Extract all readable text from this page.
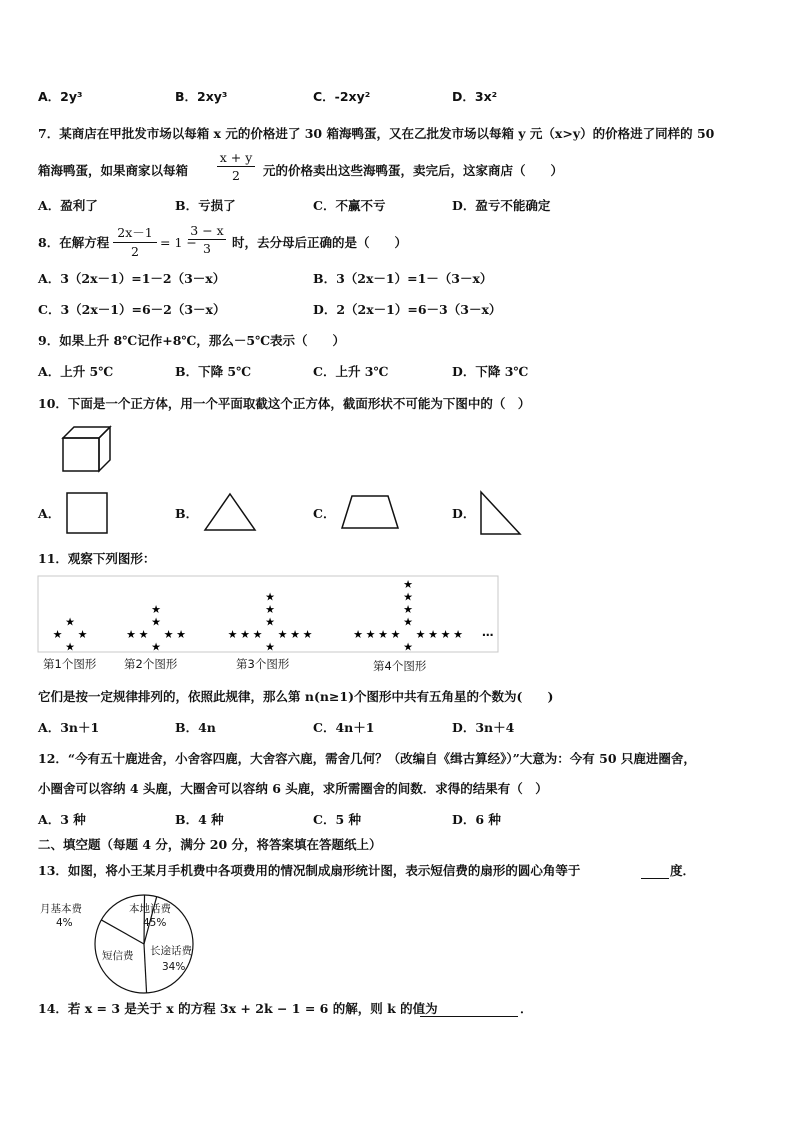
A．2y³	B．2xy³	C．-2xy²	D．3x²
7．某商店在甲批发市场以每箱 x 元的价格进了 30 箱海鸭蛋，又在乙批发市场以每箱 y 元（x>y）的价格进了同样的 50
箱海鸭蛋，如果商家以每箱
x + y
2	元的价格卖出这些海鸭蛋，卖完后，这家商店（　　）
A．盈利了	B．亏损了	C．不赢不亏	D．盈亏不能确定
8．在解方程
2x－1
2
= 1 −
3 − x
3	时，去分母后正确的是（　　）
A．3（2x－1）=1－2（3－x）	B．3（2x－1）=1－（3－x）
C．3（2x－1）=6－2（3－x）	D．2（2x－1）=6－3（3－x）
9．如果上升 8℃记作+8℃，那么－5℃表示（　　）
A．上升 5℃	B．下降 5℃	C．上升 3℃	D．下降 3℃
10．下面是一个正方体，用一个平面取截这个正方体，截面形状不可能为下图中的（　）
A．	B．	C．	D．
11．观察下列图形：
★ ★
★
★
★ ★
★
★	★
★
★
★ ★
★
★	★
★
★	★
★
★
★ ★
★
★	★
★
★	★
★
★	★
★
★
第1个图形 第2个图形	第3个图形	第4个图形
…
它们是按一定规律排列的，依照此规律，那么第 n(n≥1)个图形中共有五角星的个数为(　　)
A．3n＋1	B．4n	C．4n＋1	D．3n＋4
12．“今有五十鹿进舍，小舍容四鹿，大舍容六鹿，需舍几何？（改编自《缉古算经》）”大意为：今有 50 只鹿进圈舍，
小圈舍可以容纳 4 头鹿，大圈舍可以容纳 6 头鹿，求所需圈舍的间数．求得的结果有（　）
A．3 种	B．4 种	C．5 种	D．6 种
二、填空题（每题 4 分，满分 20 分，将答案填在答题纸上）
13．如图，将小王某月手机费中各项费用的情况制成扇形统计图，表示短信费的扇形的圆心角等于	度．
月基本费
4%
本地话费
45%
短信费 长途话费
34%
14．若 x = 3 是关于 x 的方程 3x + 2k − 1 = 6 的解，则 k 的值为	．
